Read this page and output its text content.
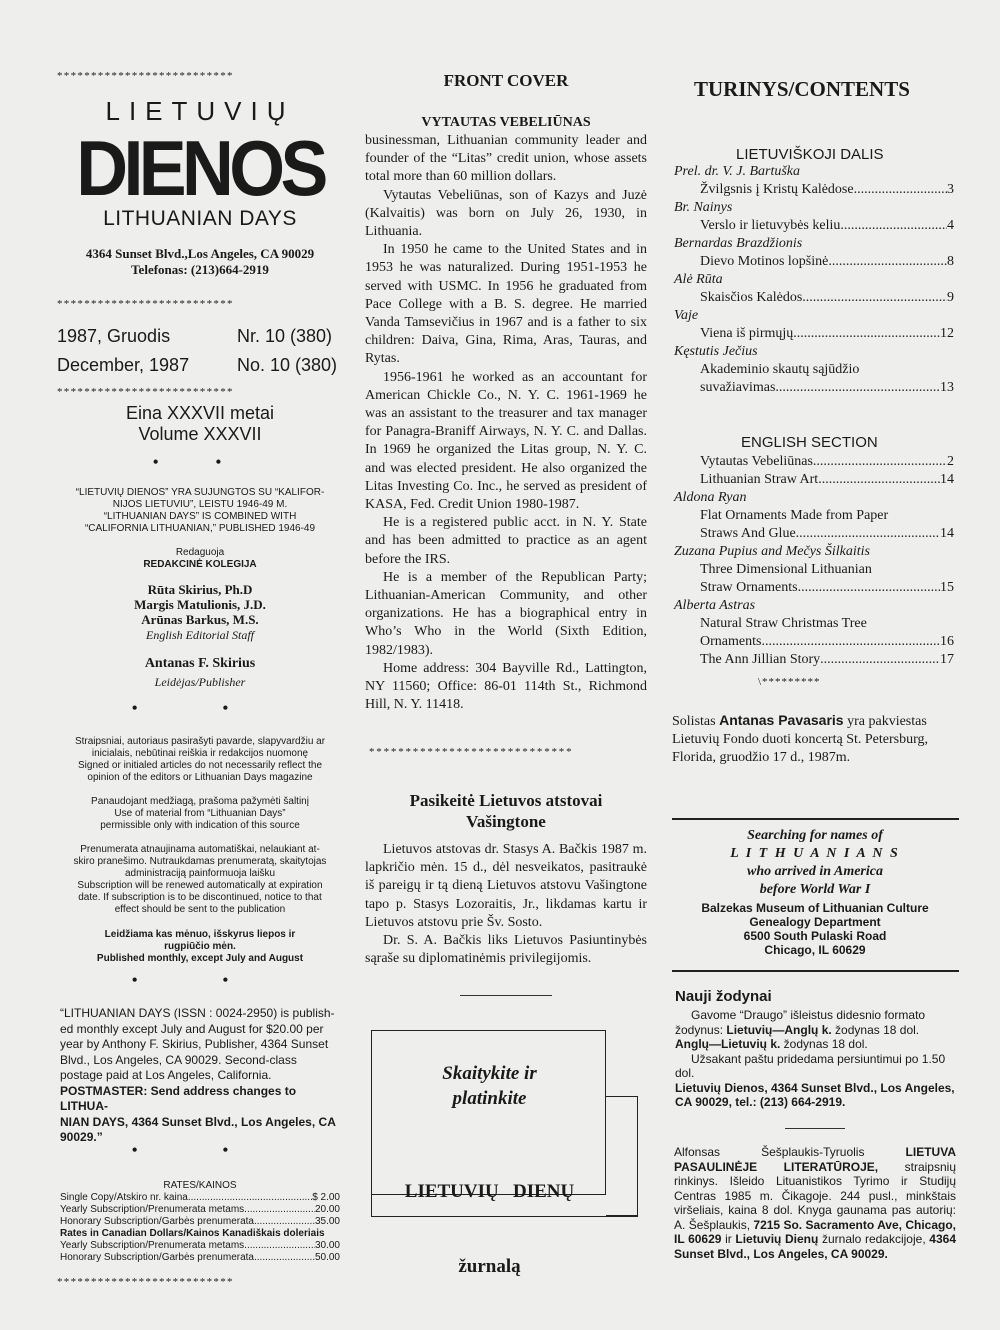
**************************
LIETUVIŲ
DIENOS
LITHUANIAN DAYS
4364 Sunset Blvd.,Los Angeles, CA 90029
Telefonas: (213)664-2919
**************************
1987, Gruodis	Nr. 10 (380)
December, 1987	No. 10 (380)
**************************
Eina XXXVII metai
Volume XXXVII
• •
“LIETUVIŲ DIENOS” YRA SUJUNGTOS SU “KALIFOR-
NIJOS LIETUVIU”, LEISTU 1946-49 M.
“LITHUANIAN DAYS” IS COMBINED WITH
“CALIFORNIA LITHUANIAN,” PUBLISHED 1946-49
Redaguoja
REDAKCINĖ KOLEGIJA
Rūta Skirius, Ph.D
Margis Matulionis, J.D.
Arūnas Barkus, M.S.
English Editorial Staff
Antanas F. Skirius
Leidėjas/Publisher
• •
Straipsniai, autoriaus pasirašyti pavarde, slapyvardžiu ar
inicialais, nebūtinai reiškia ir redakcijos nuomonę
Signed or initialed articles do not necessarily reflect the
opinion of the editors or Lithuanian Days magazine
Panaudojant medžiagą, prašoma pažymėti šaltinį
Use of material from “Lithuanian Days”
permissible only with indication of this source
Prenumerata atnaujinama automatiškai, nelaukiant at-
skiro pranešimo. Nutraukdamas prenumeratą, skaitytojas
administraciją painformuoja laišku
Subscription will be renewed automatically at expiration
date. If subscription is to be discontinued, notice to that
effect should be sent to the publication
Leidžiama kas mėnuo, išskyrus liepos ir
rugpiūčio mėn.
Published monthly, except July and August
• •
“LITHUANIAN DAYS (ISSN : 0024-2950) is publish-
ed monthly except July and August for $20.00 per
year by Anthony F. Skirius, Publisher, 4364 Sunset
Blvd., Los Angeles, CA 90029. Second-class
postage paid at Los Angeles, California.
POSTMASTER: Send address changes to LITHUA-
NIAN DAYS, 4364 Sunset Blvd., Los Angeles, CA
90029.”
• •
RATES/KAINOS
Single Copy/Atskiro nr. kaina .....	$ 2.00
Yearly Subscription/Prenumerata metams .....	20.00
Honorary Subscription/Garbės prenumerata .....	35.00
Rates in Canadian Dollars/Kainos Kanadiškais doleriais
Yearly Subscription/Prenumerata metams .....	30.00
Honorary Subscription/Garbės prenumerata .....	50.00
**************************
FRONT COVER
VYTAUTAS VEBELIŪNAS

businessman, Lithuanian community leader and founder of the “Litas” credit union, whose assets total more than 60 million dollars.

Vytautas Vebeliūnas, son of Kazys and Juzė (Kalvaitis) was born on July 26, 1930, in Lithuania.

In 1950 he came to the United States and in 1953 he was naturalized. During 1951-1953 he served with USMC. In 1956 he graduated from Pace College with a B. S. degree. He married Vanda Tamsevičius in 1967 and is a father to six children: Daiva, Gina, Rima, Aras, Tauras, and Rytas.

1956-1961 he worked as an accountant for American Chickle Co., N. Y. C. 1961-1969 he was an assistant to the treasurer and tax manager for Panagra-Braniff Airways, N. Y. C. and Dallas. In 1969 he organized the Litas group, N. Y. C. and was elected president. He also organized the Litas Investing Co. Inc., he served as president of KASA, Fed. Credit Union 1980-1987.

He is a registered public acct. in N. Y. State and has been admitted to practice as an agent before the IRS.

He is a member of the Republican Party; Lithuanian-American Community, and other organizations. He has a biographical entry in Who’s Who in the World (Sixth Edition, 1982/1983).

Home address: 304 Bayville Rd., Lattington, NY 11560; Office: 86-01 114th St., Richmond Hill, N. Y. 11418.

****************************
Pasikeitė Lietuvos atstovai
Vašingtone

Lietuvos atstovas dr. Stasys A. Bačkis 1987 m. lapkričio mėn. 15 d., dėl nesveikatos, pasitraukė iš pareigų ir tą dieną Lietuvos atstovu Vašingtone tapo p. Stasys Lozoraitis, Jr., likdamas kartu ir Lietuvos atstovu prie Šv. Sosto.

Dr. S. A. Bačkis liks Lietuvos Pasiuntinybės sąraše su diplomatinėmis privilegijomis.

Skaitykite ir
platinkite

LIETUVIŲ   DIENŲ

žurnalą

TURINYS/CONTENTS
LIETUVIŠKOJI DALIS
Prel. dr. V. J. Bartuška
Žvilgsnis į Kristų Kalėdose .....	3
Br. Nainys
Verslo ir lietuvybės keliu .....	4
Bernardas Brazdžionis
Dievo Motinos lopšinė .....	8
Alė Rūta
Skaisčios Kalėdos .....	9
Vaje
Viena iš pirmųjų .....	12
Kęstutis Ječius
Akademinio skautų sąjūdžio
suvažiavimas .....	13
ENGLISH SECTION
Vytautas Vebeliūnas .....	2
Lithuanian Straw Art .....	14
Aldona Ryan
Flat Ornaments Made from Paper
Straws And Glue .....	14
Zuzana Pupius and Mečys Šilkaitis
Three Dimensional Lithuanian
Straw Ornaments .....	15
Alberta Astras
Natural Straw Christmas Tree
Ornaments .....	16
The Ann Jillian Story .....	17
\*********
Solistas Antanas Pavasaris yra pakviestas Lietuvių Fondo duoti koncertą St. Petersburg, Florida, gruodžio 17 d., 1987m.
Searching for names of
L I T H U A N I A N S
who arrived in America
before World War I
Balzekas Museum of Lithuanian Culture
Genealogy Department
6500 South Pulaski Road
Chicago, IL 60629
Nauji žodynai
Gavome “Draugo” išleistus didesnio formato žodynus: Lietuvių—Anglų k. žodynas 18 dol.
Anglų—Lietuvių k. žodynas 18 dol.
Užsakant paštu pridedama persiuntimui po 1.50 dol.
Lietuvių Dienos, 4364 Sunset Blvd., Los Angeles, CA 90029, tel.: (213) 664-2919.
Alfonsas Šešplaukis-Tyruolis LIETUVA PASAULINĖJE LITERATŪROJE, straipsnių rinkinys. Išleido Lituanistikos Tyrimo ir Studijų Centras 1985 m. Čikagoje. 244 pusl., minkštais viršeliais, kaina 8 dol. Knyga gaunama pas autorių: A. Šešplaukis, 7215 So. Sacramento Ave, Chicago, IL 60629 ir Lietuvių Dienų žurnalo redakcijoje, 4364 Sunset Blvd., Los Angeles, CA 90029.
